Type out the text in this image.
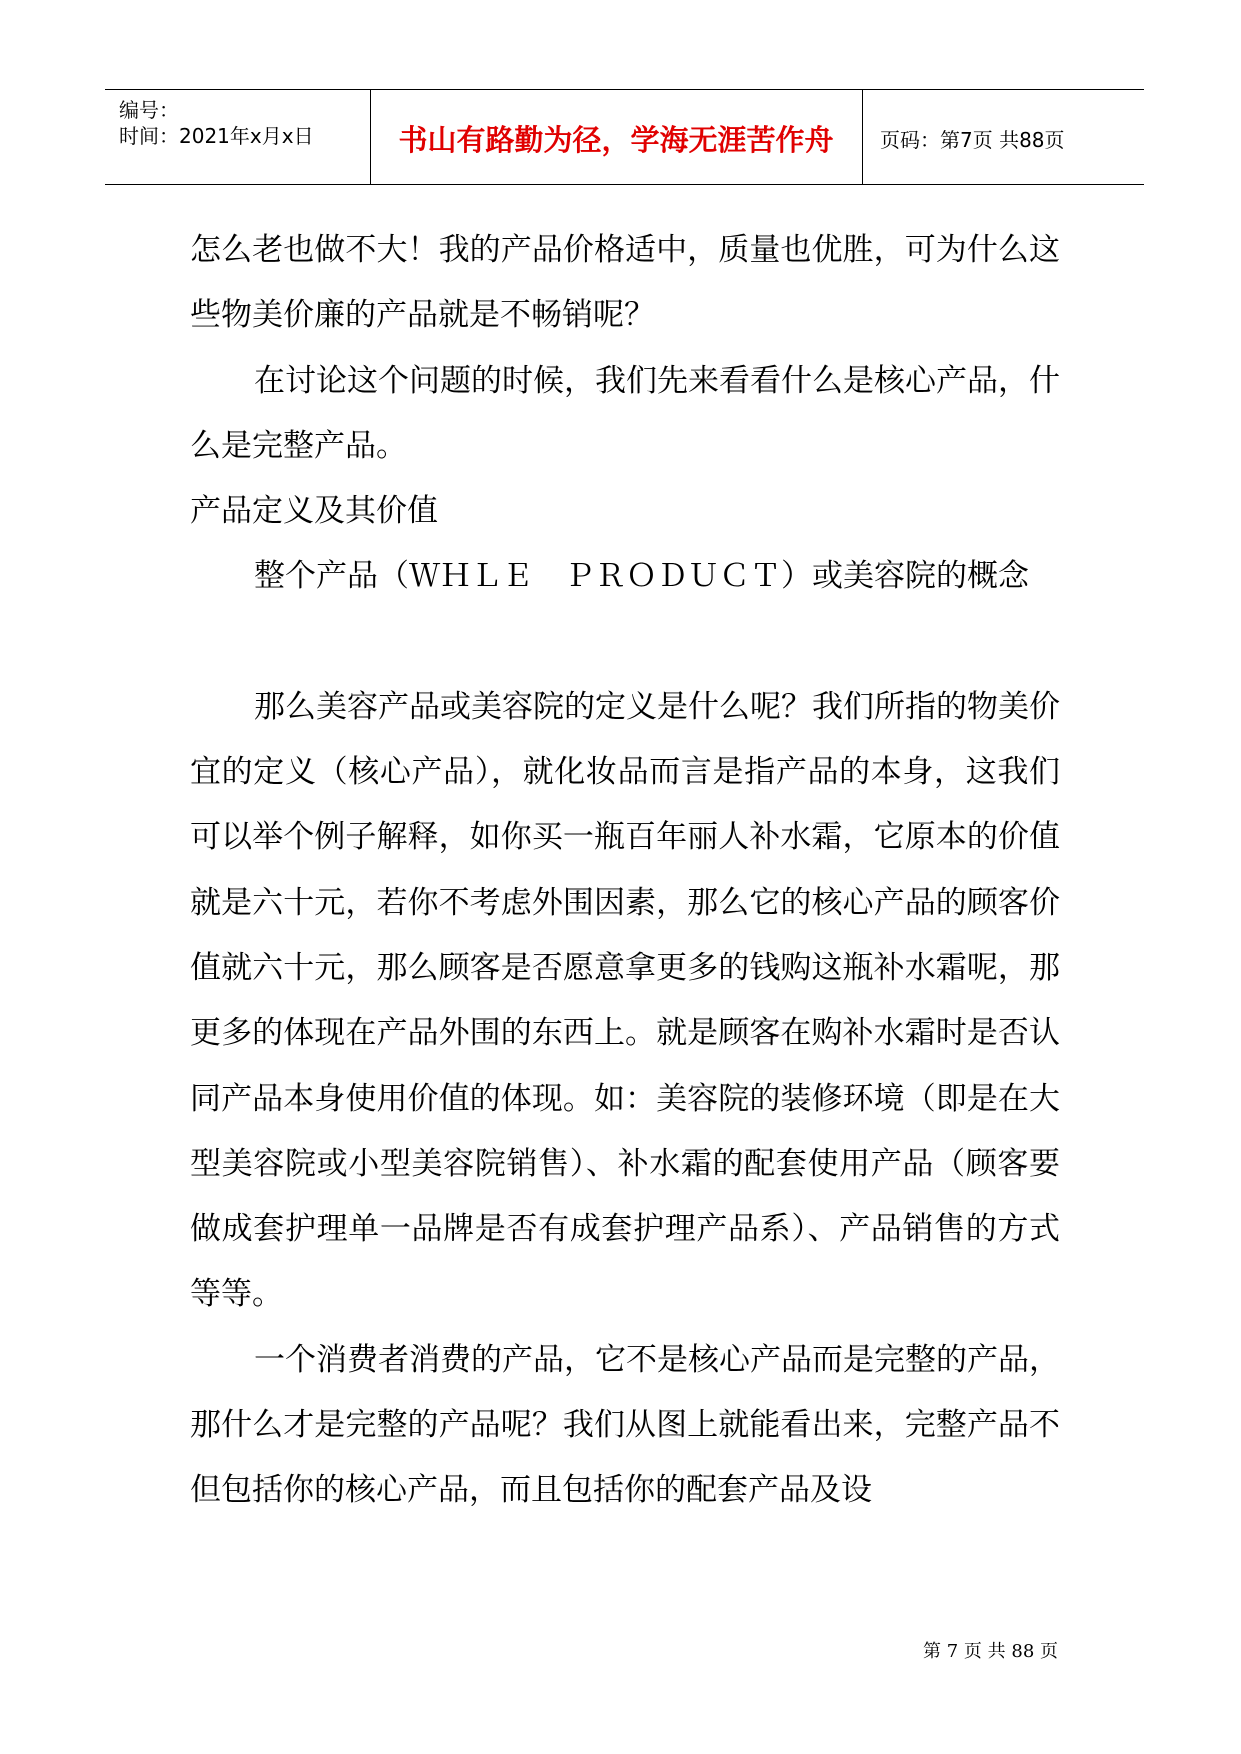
编号：
时间：2021年x月x日	书山有路勤为径，学海无涯苦作舟	页码：第7页 共88页

怎么老也做不大！我的产品价格适中，质量也优胜，可为什么这些物美价廉的产品就是不畅销呢？

在讨论这个问题的时候，我们先来看看什么是核心产品，什么是完整产品。

产品定义及其价值

整个产品（ＷＨＬＥ　ＰＲＯＤＵＣＴ）或美容院的概念

那么美容产品或美容院的定义是什么呢？我们所指的物美价宜的定义（核心产品），就化妆品而言是指产品的本身，这我们可以举个例子解释，如你买一瓶百年丽人补水霜，它原本的价值就是六十元，若你不考虑外围因素，那么它的核心产品的顾客价值就六十元，那么顾客是否愿意拿更多的钱购这瓶补水霜呢，那更多的体现在产品外围的东西上。就是顾客在购补水霜时是否认同产品本身使用价值的体现。如：美容院的装修环境（即是在大型美容院或小型美容院销售）、补水霜的配套使用产品（顾客要做成套护理单一品牌是否有成套护理产品系）、产品销售的方式等等。

一个消费者消费的产品，它不是核心产品而是完整的产品，那什么才是完整的产品呢？我们从图上就能看出来，完整产品不但包括你的核心产品，而且包括你的配套产品及设

第 7 页 共 88 页
